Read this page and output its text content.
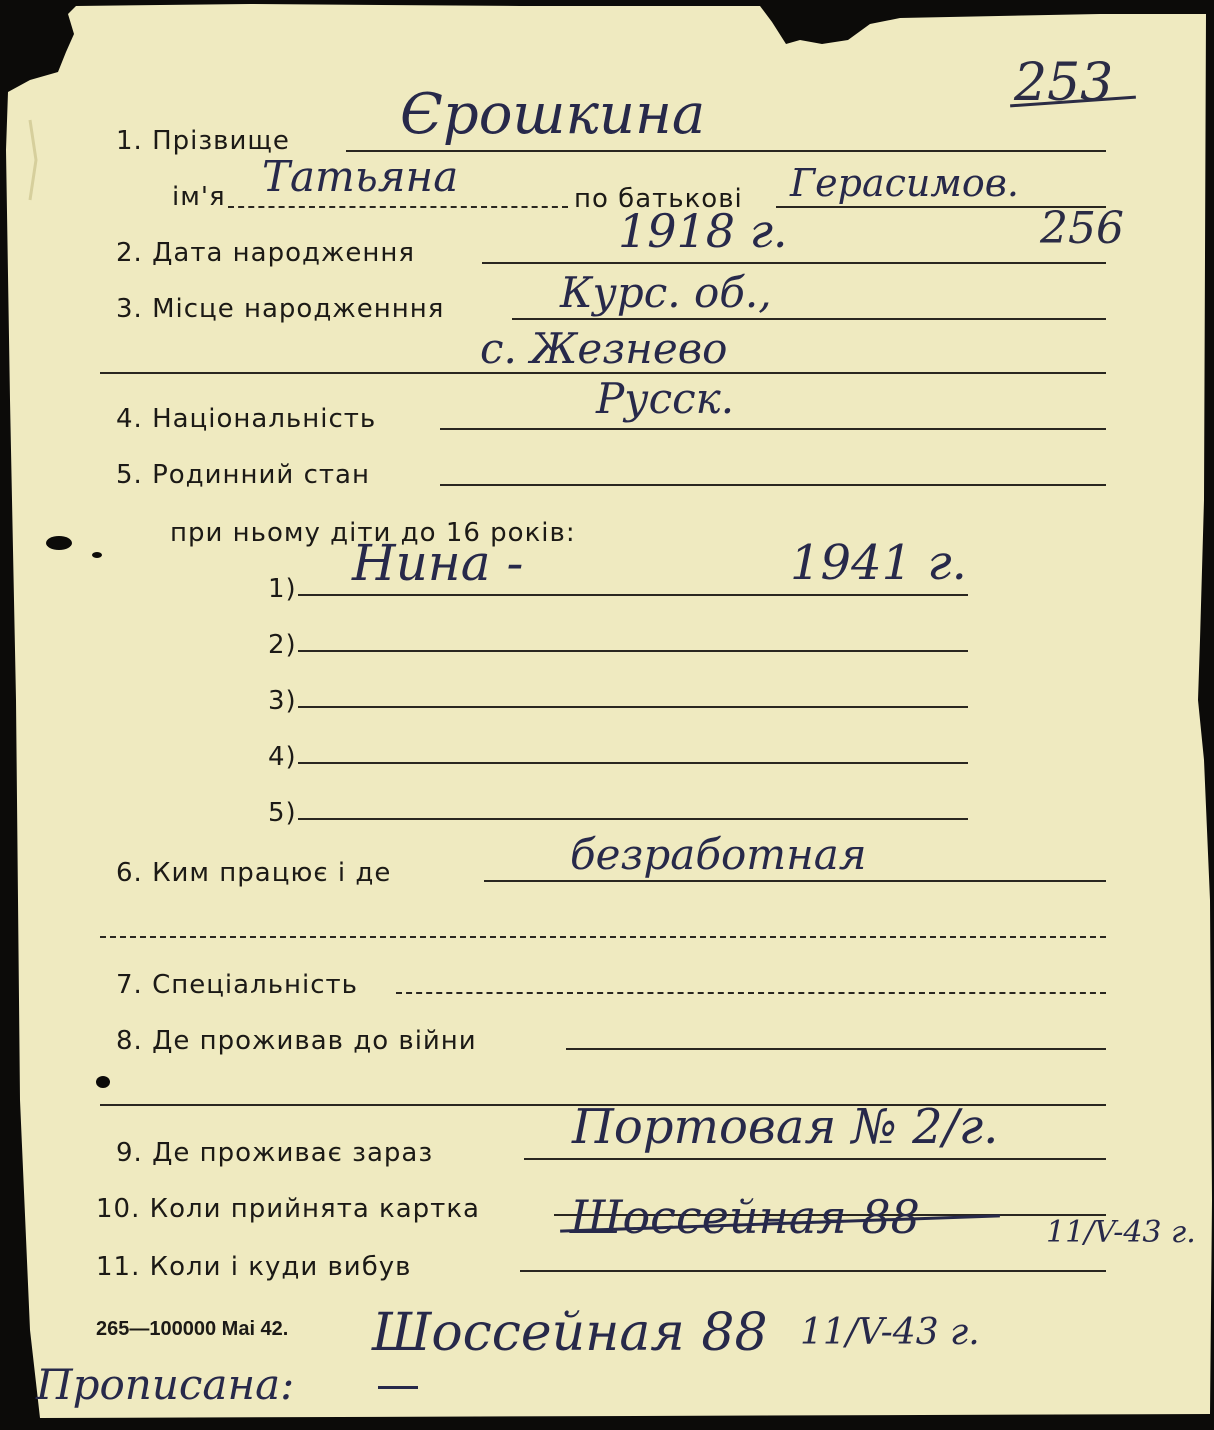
253
256
1. Прізвище Єрошкина
ім'я Татьяна	по батькові Герасимов.
2. Дата народження	1918 г.
3. Місце народженння	Курс. об.,
с. Жезнево
4. Національність	Русск.
5. Родинний стан
при ньому діти до 16 років:
1) Нина -	1941 г.
2)
3)
4)
5)
6. Ким працює і де	безработная
7. Спеціальність
8. Де проживав до війни
9. Де проживає зараз	Портовая № 2/г.
10. Коли прийнята картка Шоссейная 88	11/V-43 г.
11. Коли і куди вибув
265—100000 Mai 42.
Прописана:
Шоссейная 88 11/V-43 г.
